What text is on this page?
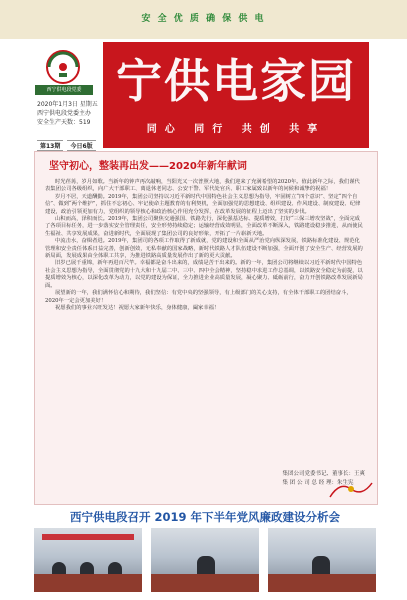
安 全 优 质 确 保 供 电
西宁供电段党委
2020年1月3日 星期五
西宁供电段党委主办
安全生产天数：519
第13期 今日6版
宁供电家园
同心 同行 共创 共享
坚守初心，整装再出发——2020年新年献词

时光荏苒，岁月如歌。当新年的钟声再次敲响，当阳光又一次普照大地，我们迎来了充满希望的2020年。值此新年之际，我们谨代表集团公司各级组织，向广大干部职工、离退休老同志、公安干警、军代处官兵、职工家属致以新年的问候和诚挚的祝福！

岁月不居，天道酬勤。2019年，集团公司坚持以习近平新时代中国特色社会主义思想为指导，牢固树立“四个意识”、坚定“四个自信”、做到“两个维护”，抓住不忘初心、牢记使命主题教育的有利契机，全面加强党的思想建设、组织建设、作风建设、制度建设、纪律建设，政治引领更加有力，党组织的领导核心和政治核心作用充分发挥，在改革发展的征程上迈出了坚实的步伐。

山积而高，泽积而长。2019年，集团公司聚焦交通强国、铁路先行，深化强基达标、提质增效，打好“三保三增攻坚战”，全面完成了各项目标任务，进一步落实安全管理责任，安全形势持续稳定；运输经营成效明显，全面改革不断深入，铁路建设稳步推进，从而使民生福祉、共享发展成果，奋进新时代，全面展现了集团公司的良好形象，开拓了一片崭新天地。

中流击水，奋楫者进。2019年，集团司的各项工作取得了新成就，党的建设和全面从严治党向纵深发展，铁路标准化建设、规范化管理和安全责任体系日益完善，创新创效，无私奉献的国家战略，新时代铁路人才队伍建设不断加强，全面开创了安全生产、经营发展的新局面，发展成果由全体职工共享，为推进铁路高质量发展作出了新的更大贡献。

旧岁已展千重锦，新年再进百尺竿。幸福都是奋斗出来的，成绩是苦干出来的。新的一年，集团公司将继续以习近平新时代中国特色社会主义思想为指导，全面贯彻党的十九大和十九届二中、三中、四中全会精神，坚持稳中求进工作总基调，以铁路安全稳定为前提，以提质增效为核心，以深化改革为动力，以党的建设为保证，全力推进企业高质量发展，凝心聚力、砥砺前行，奋力开创铁路改革发展新局面。

展望新的一年，我们满怀信心和期待，我们坚信：有党中央的坚强领导，有上级部门的关心支持，有全体干部职工的团结奋斗，2020年一定会更加美好！

祝愿我们的事业兴旺发达！祝愿大家新年快乐，身体健康，阖家幸福！

集团公司党委书记、董事长：王爽
集 团 公 司 总 经 理：朱生宪
西宁供电段召开 2019 年下半年党风廉政建设分析会
